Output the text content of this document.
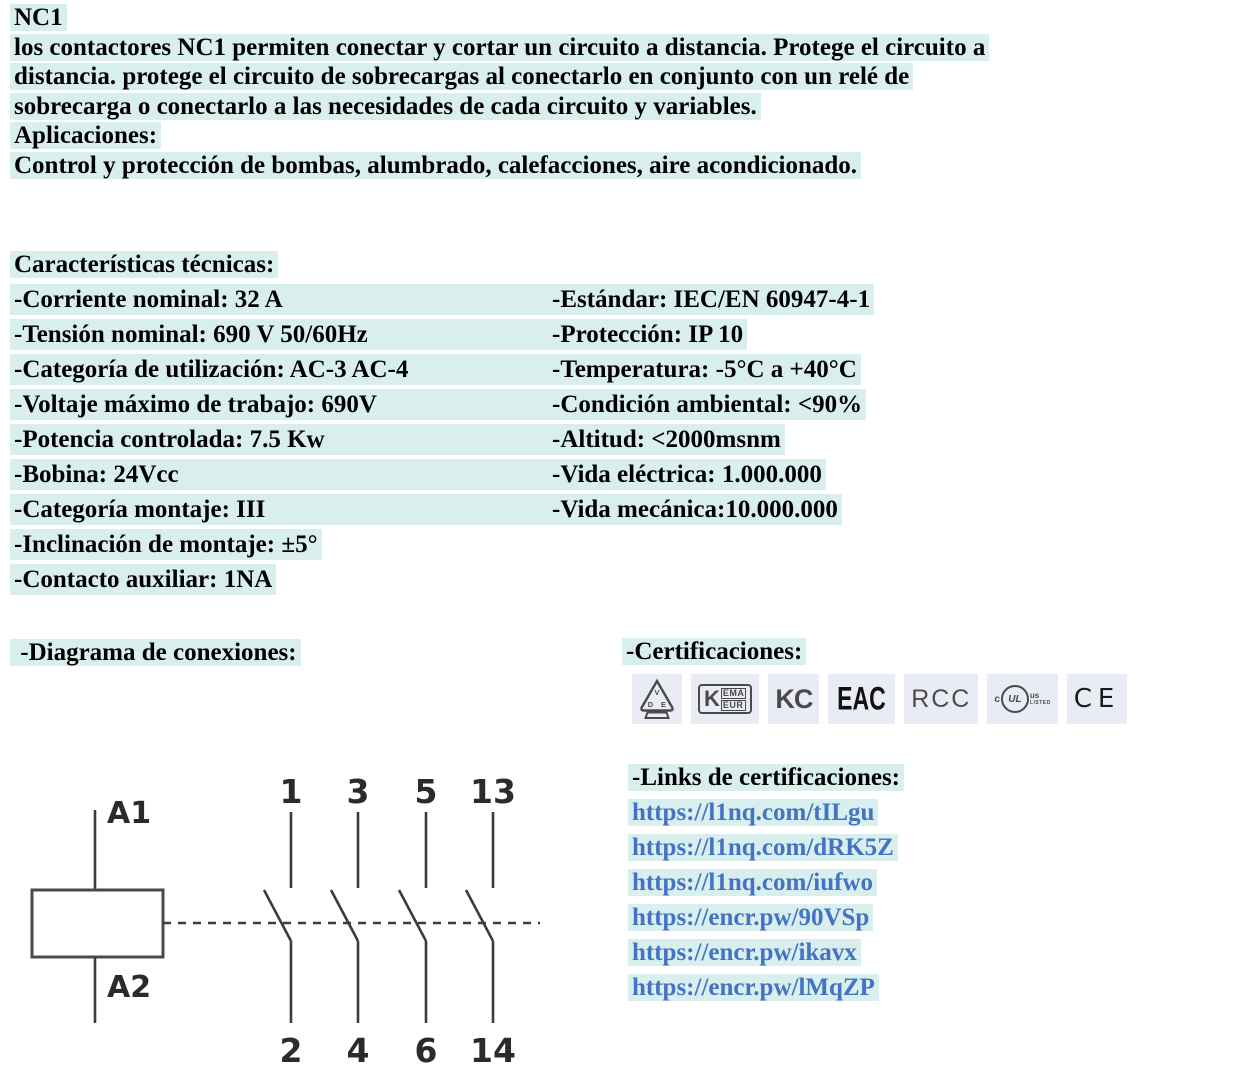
NC1
los contactores NC1 permiten conectar y cortar un circuito a distancia. Protege el circuito a
distancia. protege el circuito de sobrecargas al conectarlo en conjunto con un relé de
sobrecarga o conectarlo a las necesidades de cada circuito y variables.
Aplicaciones:
Control y protección de bombas, alumbrado, calefacciones, aire acondicionado.
Características técnicas:
-Corriente nominal: 32 A	-Estándar: IEC/EN 60947-4-1
-Tensión nominal: 690 V 50/60Hz	-Protección: IP 10
-Categoría de utilización: AC-3 AC-4	-Temperatura: -5°C a +40°C
-Voltaje máximo de trabajo: 690V	-Condición ambiental: <90%
-Potencia controlada: 7.5 Kw	-Altitud: <2000msnm
-Bobina: 24Vcc	-Vida eléctrica: 1.000.000
-Categoría montaje: III	-Vida mecánica:10.000.000
-Inclinación de montaje: ±5°
-Contacto auxiliar: 1NA
-Diagrama de conexiones:
A1
A2
1
2
3
4
5
6
13
14
-Certificaciones:
V
D E K EMA
EUR KC EAC RCC c UL us
LISTED CE
-Links de certificaciones:
https://l1nq.com/tILgu
https://l1nq.com/dRK5Z
https://l1nq.com/iufwo
https://encr.pw/90VSp
https://encr.pw/ikavx
https://encr.pw/lMqZP
